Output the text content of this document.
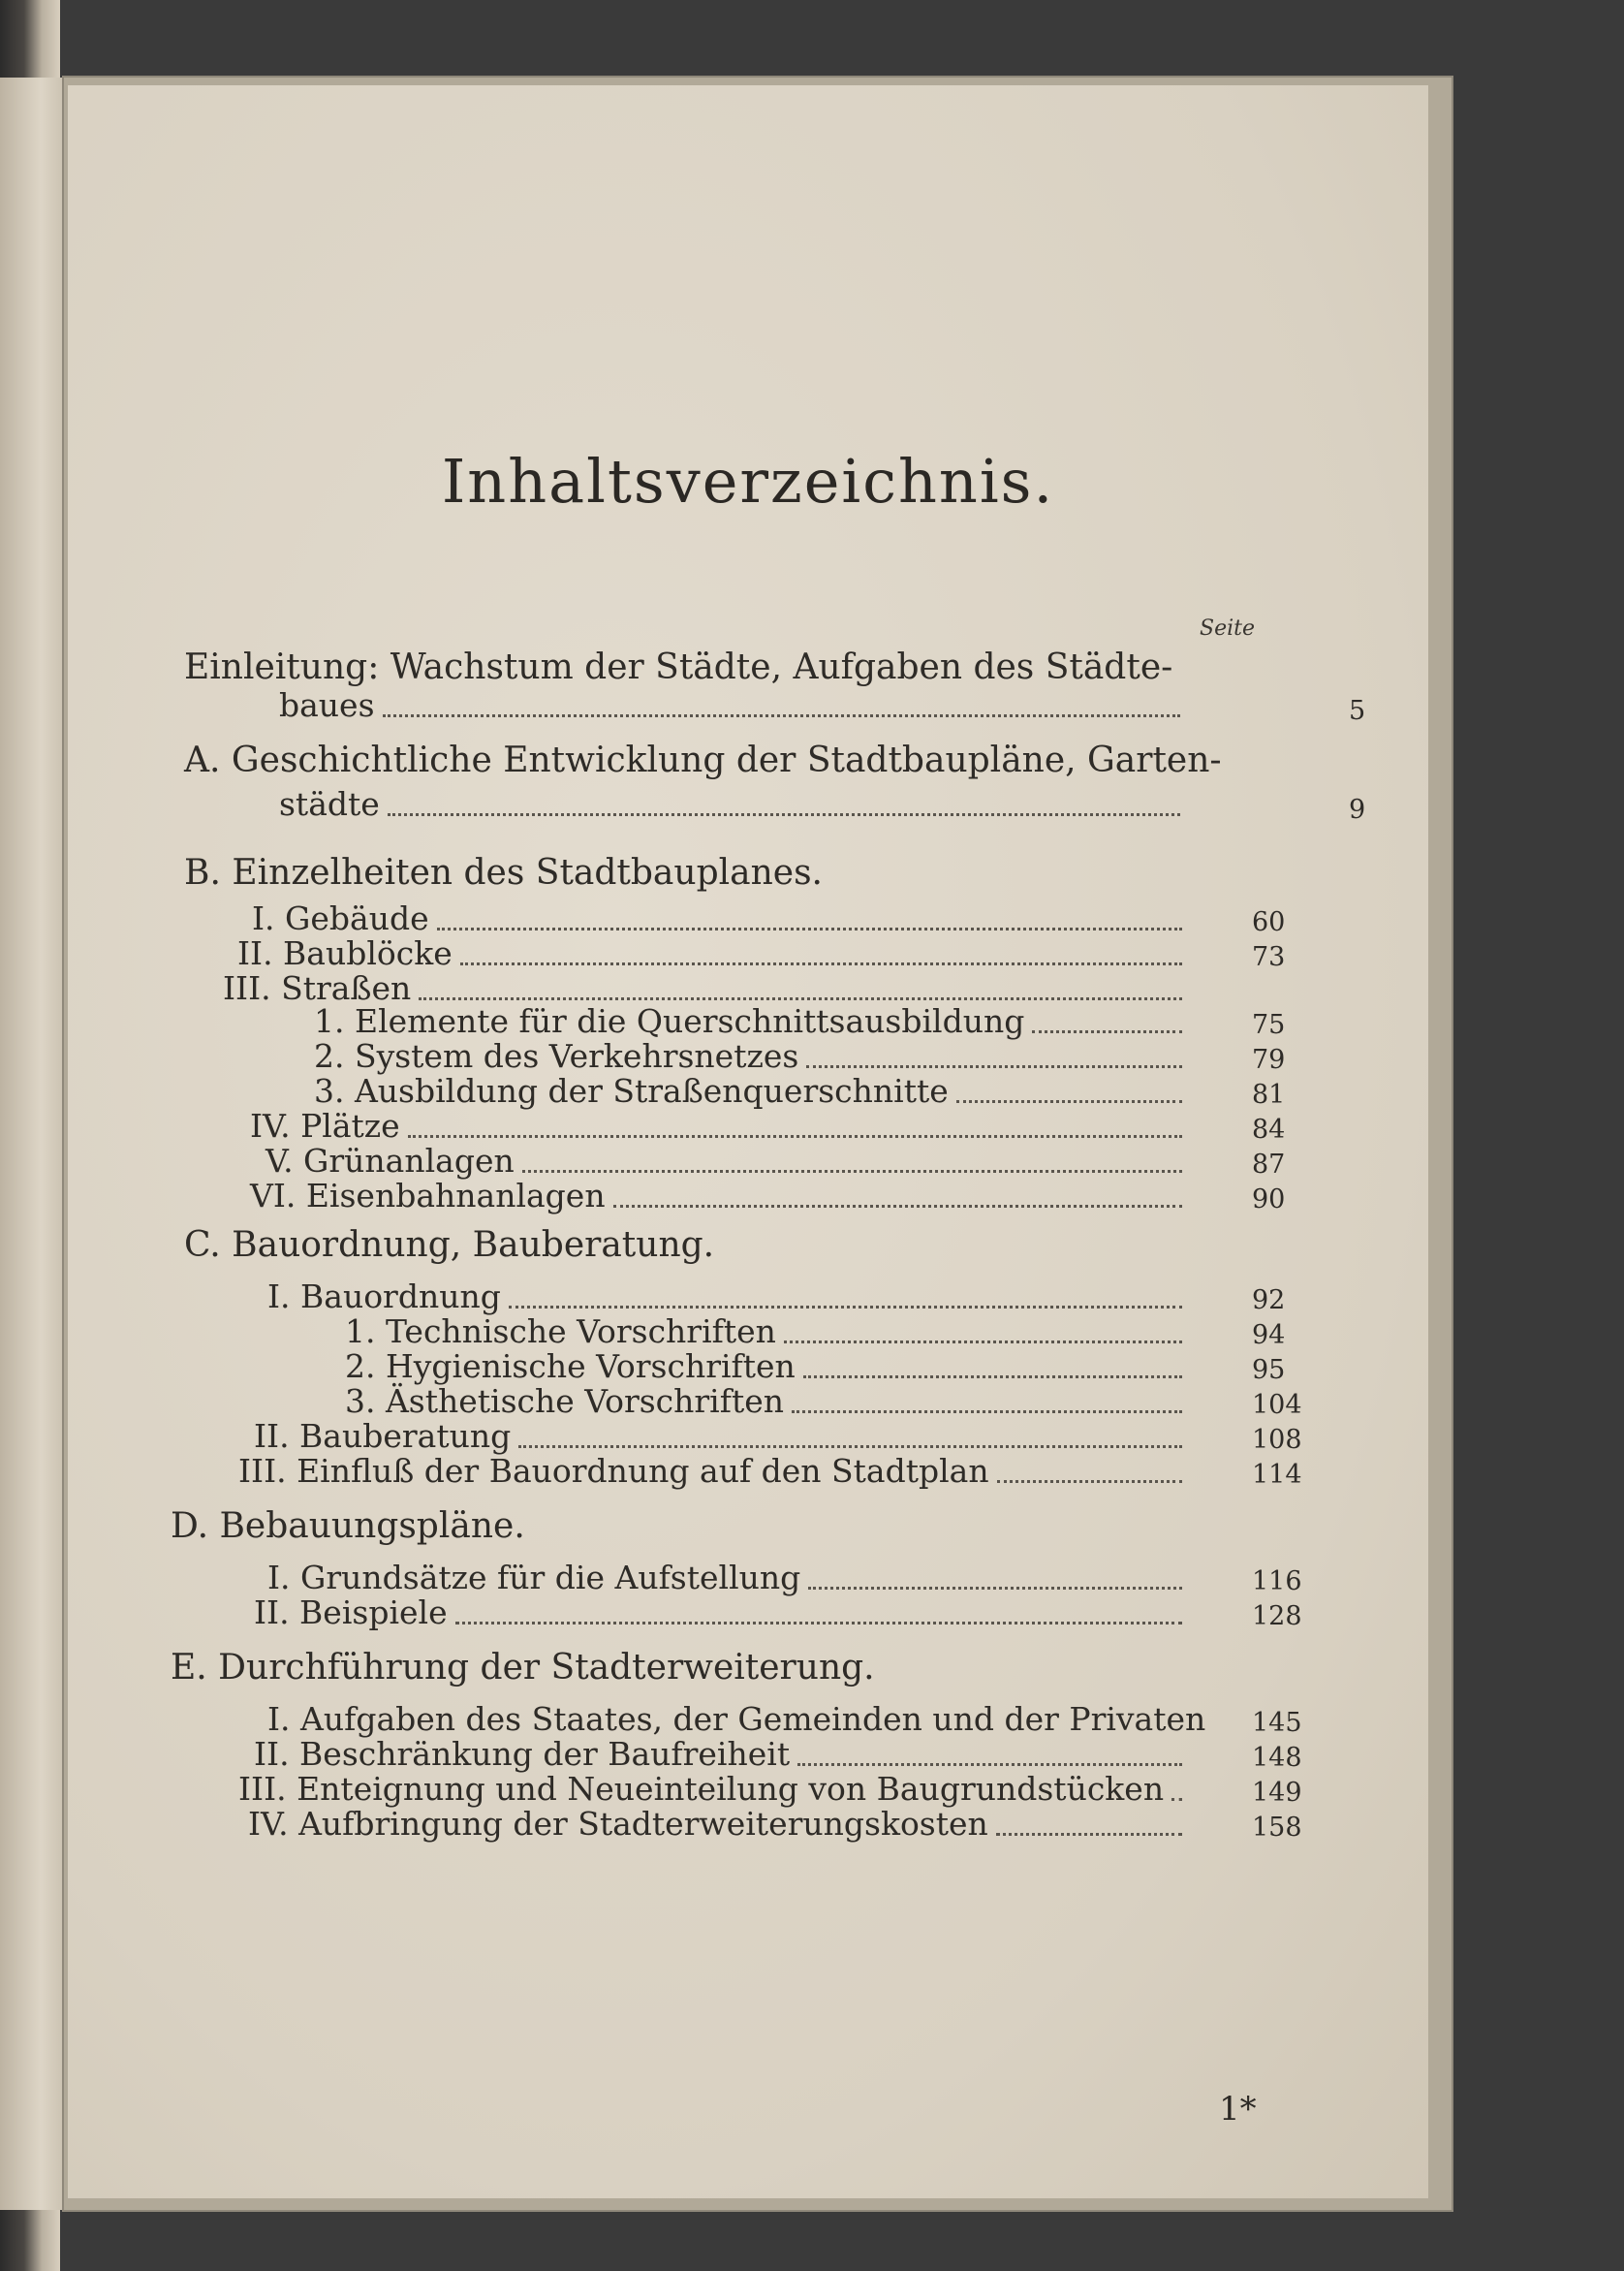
Inhaltsverzeichnis.
Seite
Einleitung: Wachstum der Städte, Aufgaben des Städte-
baues	5
A. Geschichtliche Entwicklung der Stadtbaupläne, Garten-
städte	9
B. Einzelheiten des Stadtbauplanes.
I. Gebäude	60
II. Baublöcke	73
III. Straßen
1. Elemente für die Querschnittsausbildung	75
2. System des Verkehrsnetzes	79
3. Ausbildung der Straßenquerschnitte	81
IV. Plätze	84
V. Grünanlagen	87
VI. Eisenbahnanlagen	90
C. Bauordnung, Bauberatung.
I. Bauordnung	92
1. Technische Vorschriften	94
2. Hygienische Vorschriften	95
3. Ästhetische Vorschriften	104
II. Bauberatung	108
III. Einfluß der Bauordnung auf den Stadtplan	114
D. Bebauungspläne.
I. Grundsätze für die Aufstellung	116
II. Beispiele	128
E. Durchführung der Stadterweiterung.
I. Aufgaben des Staates, der Gemeinden und der Privaten 145
II. Beschränkung der Baufreiheit	148
III. Enteignung und Neueinteilung von Baugrundstücken	149
IV. Aufbringung der Stadterweiterungskosten	158
1*
